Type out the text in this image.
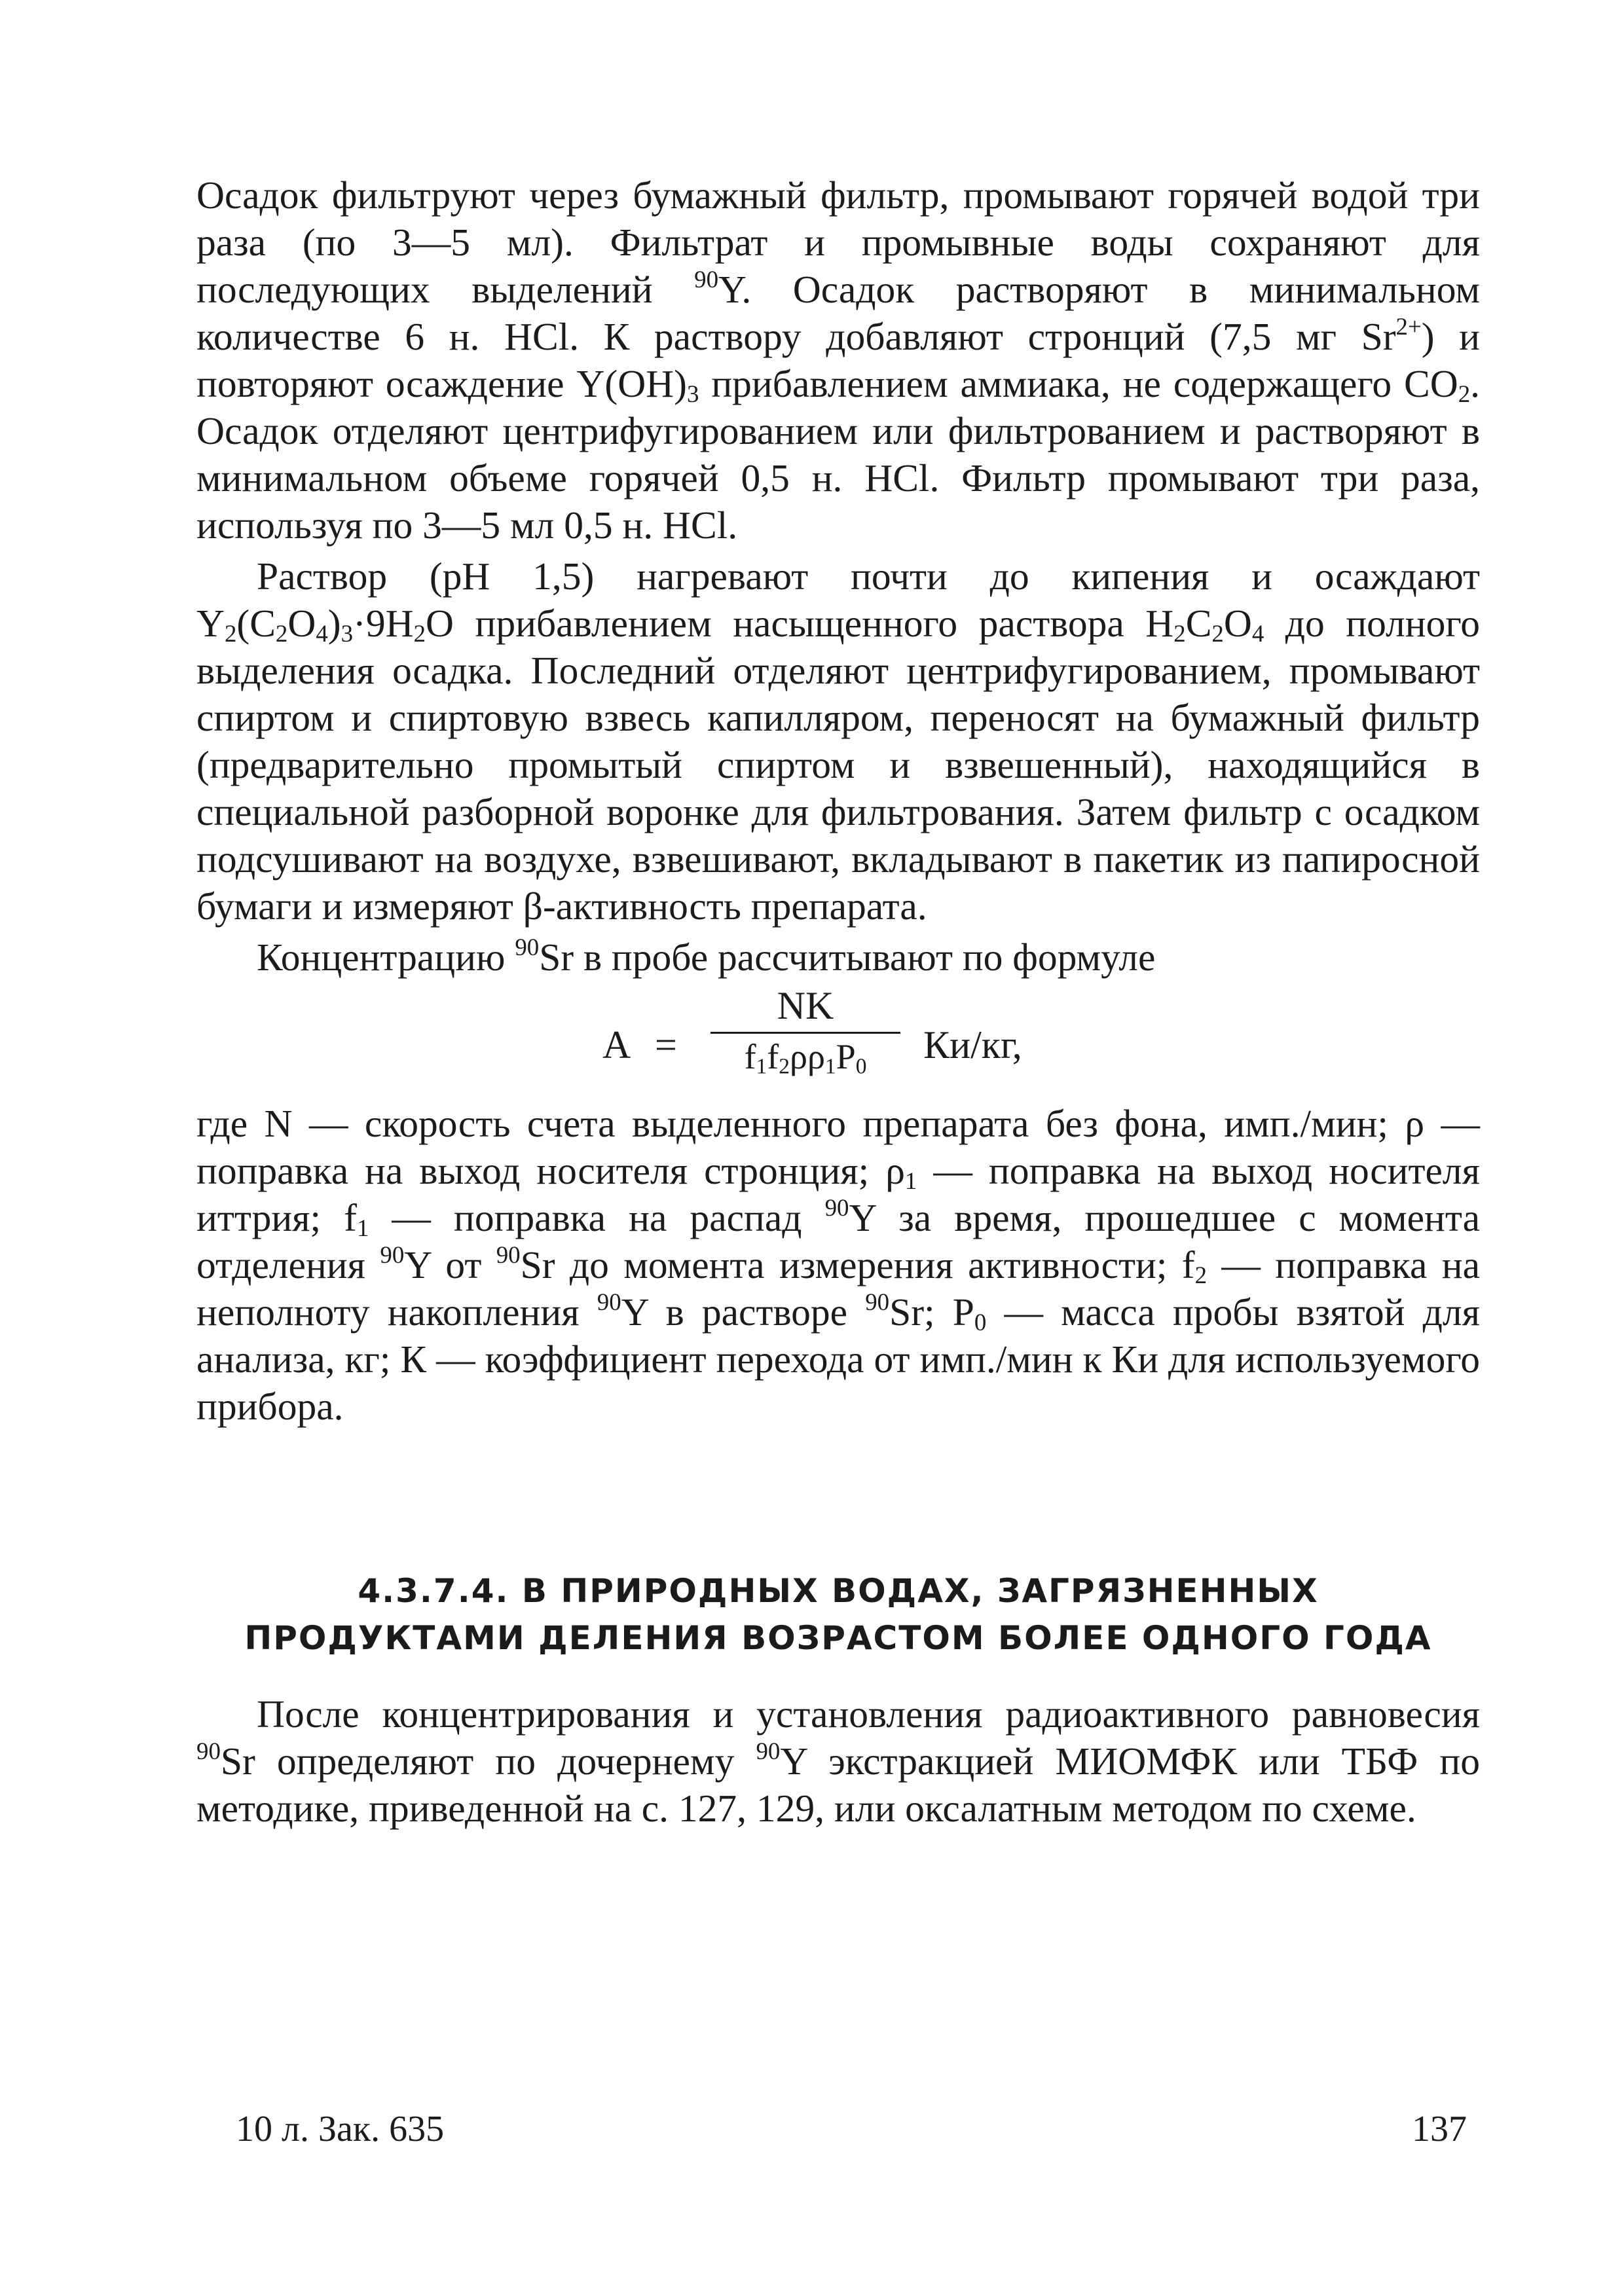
Осадок фильтруют через бумажный фильтр, промывают горячей водой три раза (по 3—5 мл). Фильтрат и промывные воды сохраняют для последующих выделений $^{90}$Y. Осадок растворяют в минимальном количестве 6 н. HCl. К раствору добавляют стронций (7,5 мг $Sr^{2+}$) и повторяют осаждение $Y(OH)_3$ прибавлением аммиака, не содержащего $CO_2$. Осадок отделяют центрифугированием или фильтрованием и растворяют в минимальном объеме горячей 0,5 н. HCl. Фильтр промывают три раза, используя по 3—5 мл 0,5 н. HCl.

Раствор (pH 1,5) нагревают почти до кипения и осаждают $Y_2(C_2O_4)_3\cdot 9H_2O$ прибавлением насыщенного раствора $H_2C_2O_4$ до полного выделения осадка. Последний отделяют центрифугированием, промывают спиртом и спиртовую взвесь капилляром, переносят на бумажный фильтр (предварительно промытый спиртом и взвешенный), находящийся в специальной разборной воронке для фильтрования. Затем фильтр с осадком подсушивают на воздухе, взвешивают, вкладывают в пакетик из папиросной бумаги и измеряют β-активность препарата.

Концентрацию $^{90}$Sr в пробе рассчитывают по формуле

A =
NK
$f_1f_2\rho\rho_1P_0$	Ки/кг,

где N — скорость счета выделенного препарата без фона, имп./мин; ρ — поправка на выход носителя стронция; $\rho_1$ — поправка на выход носителя иттрия; $f_1$ — поправка на распад $^{90}$Y за время, прошедшее с момента отделения $^{90}$Y от $^{90}$Sr до момента измерения активности; $f_2$ — поправка на неполноту накопления $^{90}$Y в растворе $^{90}$Sr; $P_0$ — масса пробы взятой для анализа, кг; К — коэффициент перехода от имп./мин к Ки для используемого прибора.

4.3.7.4. В ПРИРОДНЫХ ВОДАХ, ЗАГРЯЗНЕННЫХ
ПРОДУКТАМИ ДЕЛЕНИЯ ВОЗРАСТОМ БОЛЕЕ ОДНОГО ГОДА

После концентрирования и установления радиоактивного равновесия $^{90}$Sr определяют по дочернему $^{90}$Y экстракцией МИОМФК или ТБФ по методике, приведенной на с. 127, 129, или оксалатным методом по схеме.

10 л. Зак. 635	137
